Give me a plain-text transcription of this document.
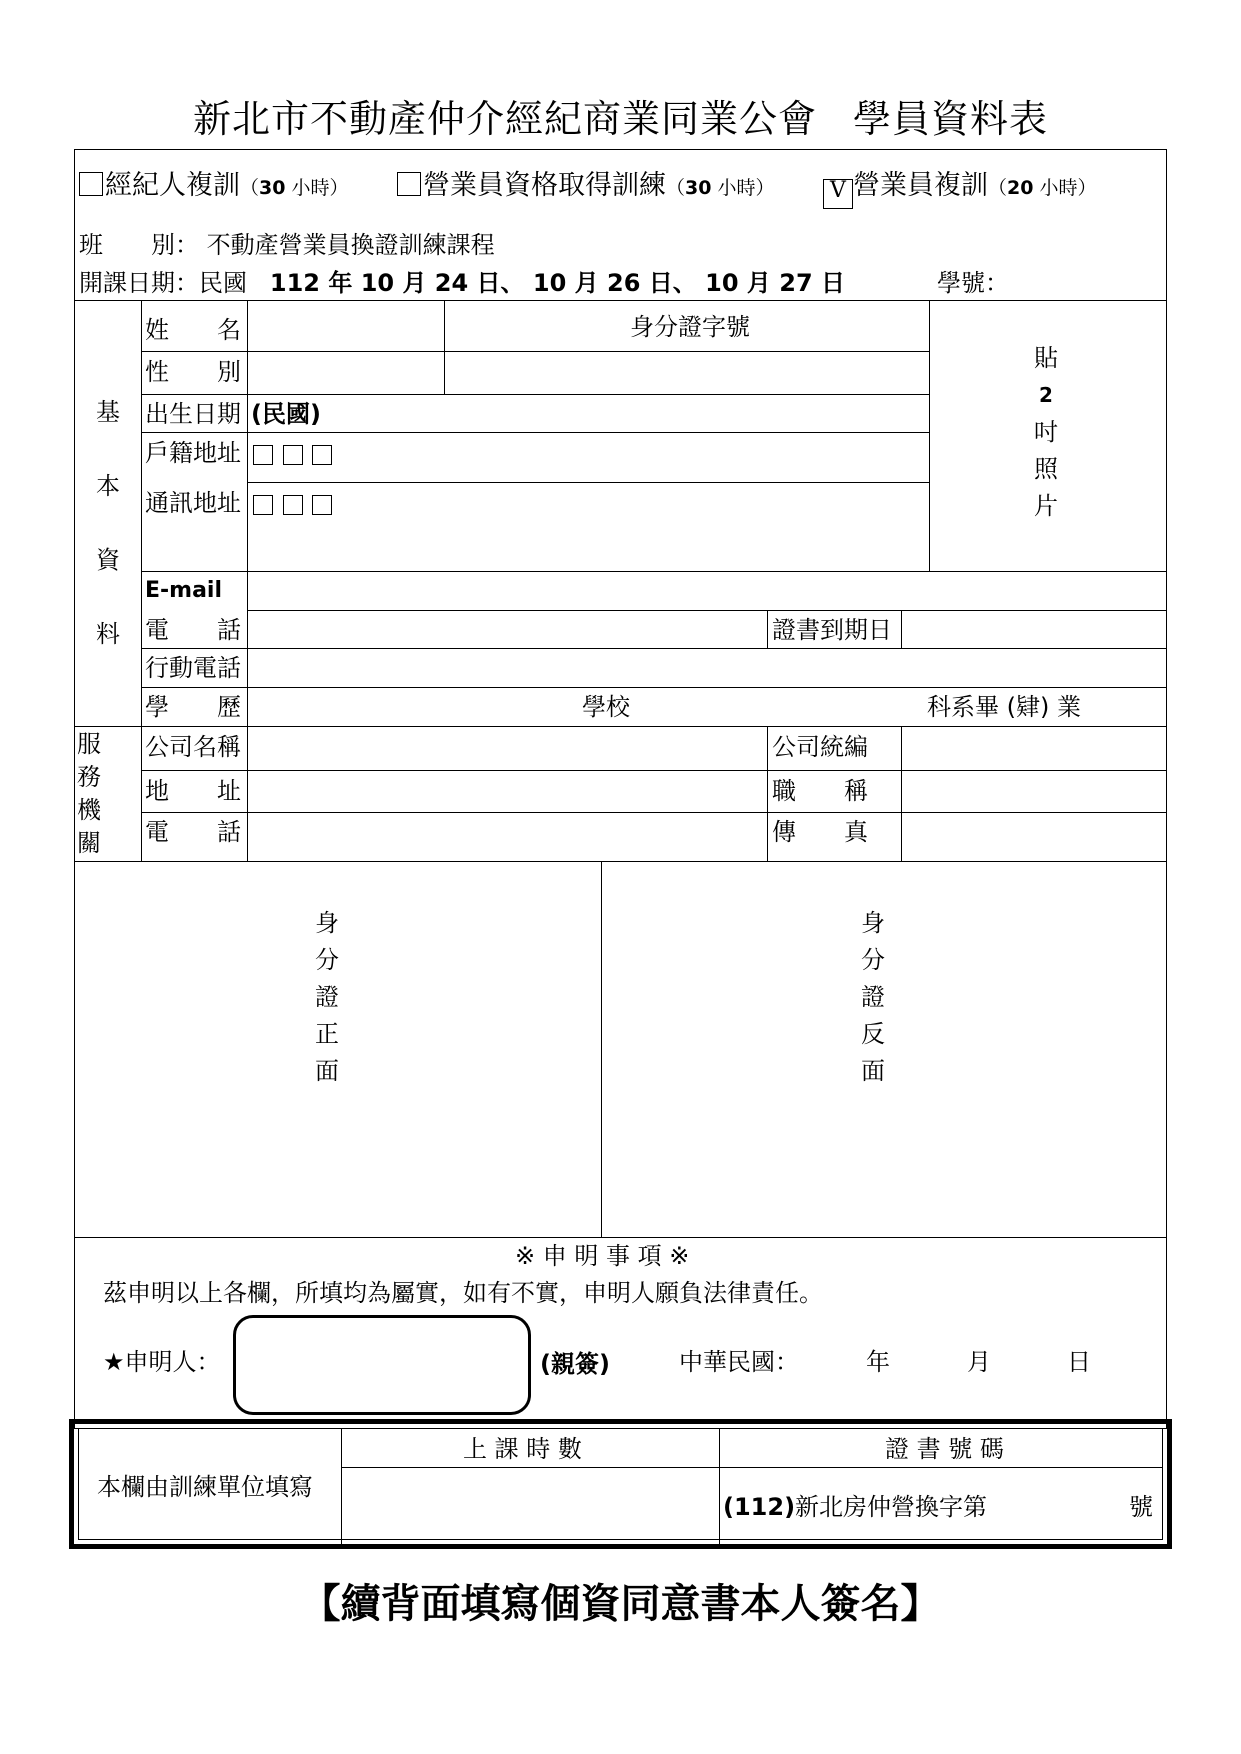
新北市不動產仲介經紀商業同業公會 學員資料表
經紀人複訓（30 小時）	營業員資格取得訓練（30 小時）	V 營業員複訓（20 小時）
班　　別： 不動產營業員換證訓練課程
開課日期：民國 112 年 10 月 24 日、 10 月 26 日、 10 月 27 日	學號：
基
本
資
料
姓　　名	身分證字號
性　　別
出生日期 (民國)
戶籍地址

通訊地址

貼
2
吋
照
片
E-mail
電　　話	證書到期日
行動電話
學　　歷	學校	科系畢 (肄) 業
服
務
機
關
公司名稱	公司統編
地　　址	職　　稱
電　　話	傳　　真
身
分
證
正
面
身
分
證
反
面
※ 申 明 事 項 ※
茲申明以上各欄，所填均為屬實，如有不實，申明人願負法律責任。
★申明人：	(親簽)	中華民國：	年	月	日
本欄由訓練單位填寫
上 課 時 數	證 書 號 碼
(112)新北房仲營換字第	號
【續背面填寫個資同意書本人簽名】
